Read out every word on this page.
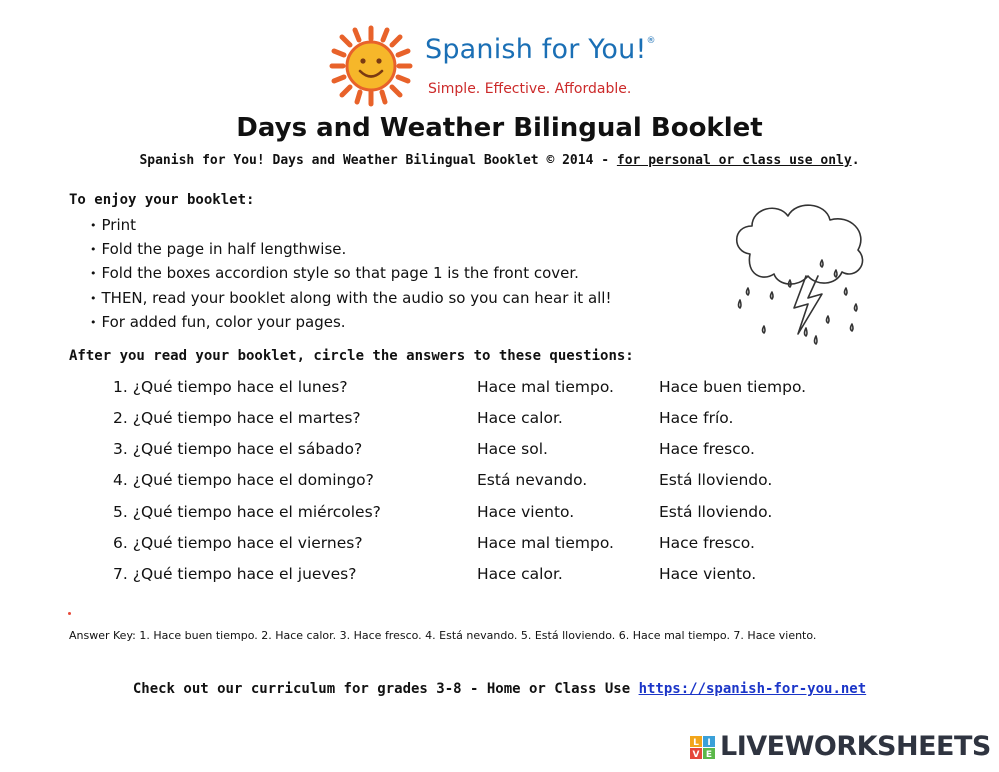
Spanish for You!®
Simple. Effective. Affordable.
Days and Weather Bilingual Booklet
Spanish for You! Days and Weather Bilingual Booklet © 2014 - for personal or class use only.
To enjoy your booklet:
• Print
• Fold the page in half lengthwise.
• Fold the boxes accordion style so that page 1 is the front cover.
• THEN, read your booklet along with the audio so you can hear it all!
• For added fun, color your pages.
After you read your booklet, circle the answers to these questions:
1. ¿Qué tiempo hace el lunes?	Hace mal tiempo.	Hace buen tiempo.
2. ¿Qué tiempo hace el martes?	Hace calor.	Hace frío.
3. ¿Qué tiempo hace el sábado?	Hace sol.	Hace fresco.
4. ¿Qué tiempo hace el domingo?	Está nevando.	Está lloviendo.
5. ¿Qué tiempo hace el miércoles?	Hace viento.	Está lloviendo.
6. ¿Qué tiempo hace el viernes?	Hace mal tiempo.	Hace fresco.
7. ¿Qué tiempo hace el jueves?	Hace calor.	Hace viento.
Answer Key: 1. Hace buen tiempo. 2. Hace calor. 3. Hace fresco. 4. Está nevando. 5. Está lloviendo. 6. Hace mal tiempo. 7. Hace viento.
Check out our curriculum for grades 3-8 - Home or Class Use https://spanish-for-you.net
L I
V E LIVEWORKSHEETS
